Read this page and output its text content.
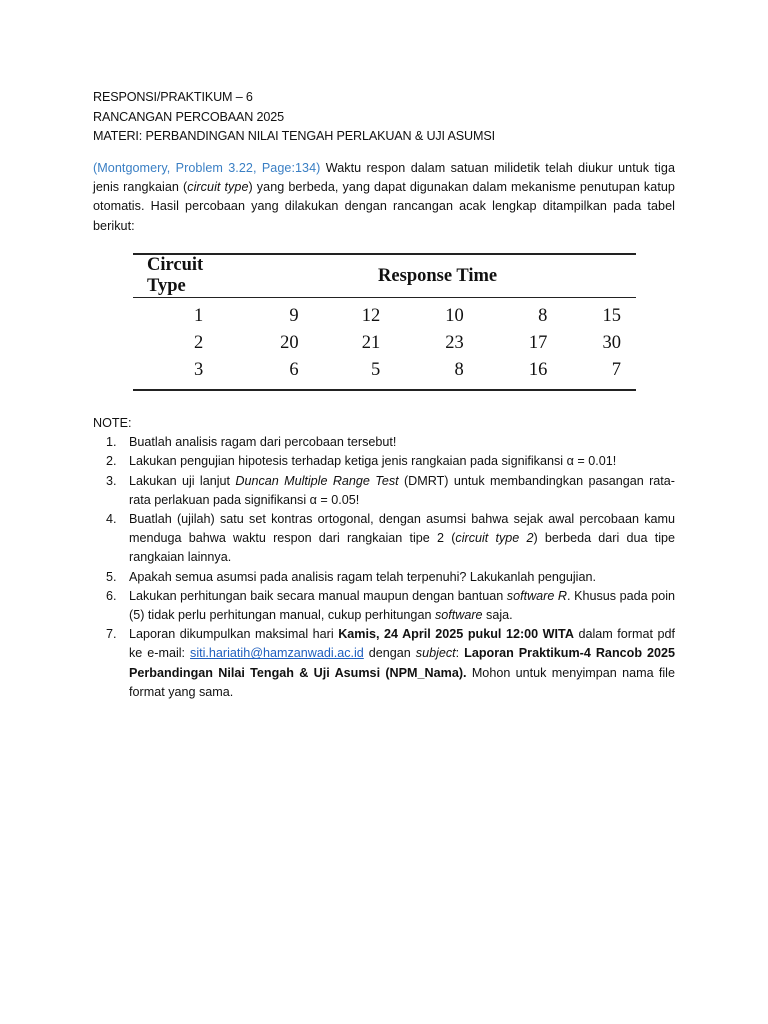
RESPONSI/PRAKTIKUM – 6

RANCANGAN PERCOBAAN 2025

MATERI: PERBANDINGAN NILAI TENGAH PERLAKUAN & UJI ASUMSI

(Montgomery, Problem 3.22, Page:134) Waktu respon dalam satuan milidetik telah diukur untuk tiga jenis rangkaian (circuit type) yang berbeda, yang dapat digunakan dalam mekanisme penutupan katup otomatis. Hasil percobaan yang dilakukan dengan rancangan acak lengkap ditampilkan pada tabel berikut:

Circuit Type	Response Time				
1	9	12	10	8	15
2	20	21	23	17	30
3	6	5	8	16	7
NOTE:
1. Buatlah analisis ragam dari percobaan tersebut!
2. Lakukan pengujian hipotesis terhadap ketiga jenis rangkaian pada signifikansi α = 0.01!
3. Lakukan uji lanjut Duncan Multiple Range Test (DMRT) untuk membandingkan pasangan rata-rata perlakuan pada signifikansi α = 0.05!
4. Buatlah (ujilah) satu set kontras ortogonal, dengan asumsi bahwa sejak awal percobaan kamu menduga bahwa waktu respon dari rangkaian tipe 2 (circuit type 2) berbeda dari dua tipe rangkaian lainnya.
5. Apakah semua asumsi pada analisis ragam telah terpenuhi? Lakukanlah pengujian.
6. Lakukan perhitungan baik secara manual maupun dengan bantuan software R. Khusus pada poin (5) tidak perlu perhitungan manual, cukup perhitungan software saja.
7. Laporan dikumpulkan maksimal hari Kamis, 24 April 2025 pukul 12:00 WITA dalam format pdf ke e-mail: siti.hariatih@hamzanwadi.ac.id dengan subject: Laporan Praktikum-4 Rancob 2025 Perbandingan Nilai Tengah & Uji Asumsi (NPM_Nama). Mohon untuk menyimpan nama file format yang sama.
